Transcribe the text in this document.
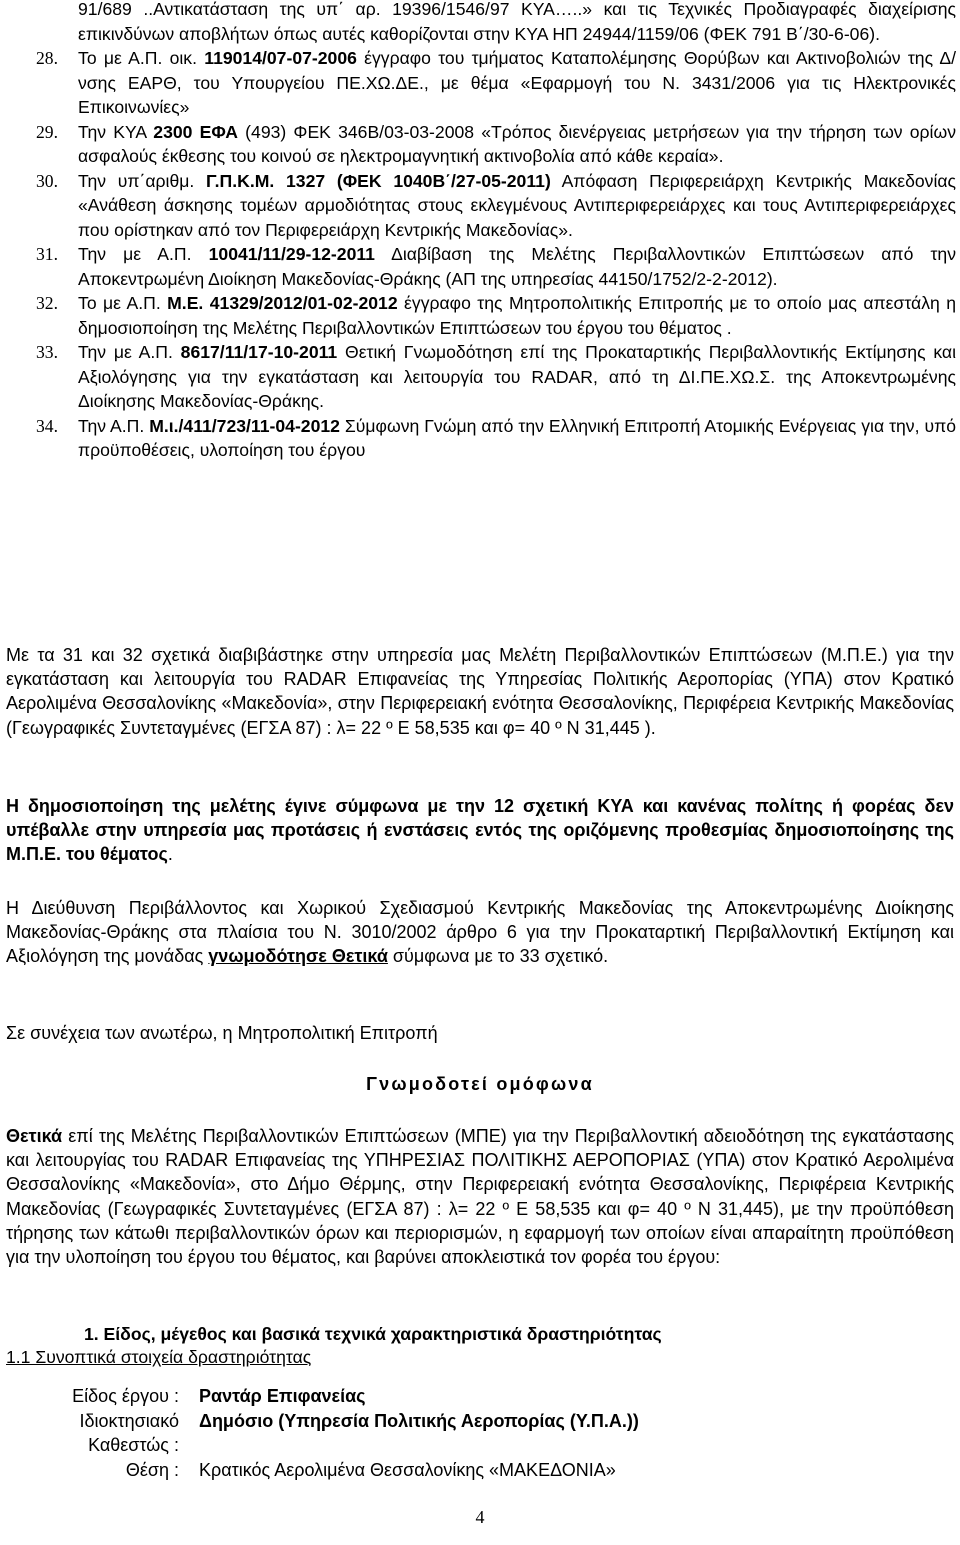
91/689 ..Αντικατάσταση της υπ΄ αρ. 19396/1546/97 ΚΥΑ…..» και τις Τεχνικές Προδιαγραφές διαχείρισης επικινδύνων αποβλήτων όπως αυτές καθορίζονται στην ΚΥΑ ΗΠ 24944/1159/06 (ΦΕΚ 791 Β΄/30-6-06).
28.	Το με Α.Π. οικ. 119014/07-07-2006 έγγραφο του τμήματος Καταπολέμησης Θορύβων και Ακτινοβολιών της Δ/νσης ΕΑΡΘ, του Υπουργείου ΠΕ.ΧΩ.ΔΕ., με θέμα «Εφαρμογή του Ν. 3431/2006 για τις Ηλεκτρονικές Επικοινωνίες»
29.	Την ΚΥΑ 2300 ΕΦΑ (493) ΦΕΚ 346Β/03-03-2008 «Τρόπος διενέργειας μετρήσεων για την τήρηση των ορίων ασφαλούς έκθεσης του κοινού σε ηλεκτρομαγνητική ακτινοβολία από κάθε κεραία».
30.	Την υπ΄αριθμ. Γ.Π.Κ.Μ. 1327 (ΦΕΚ 1040Β΄/27-05-2011) Απόφαση Περιφερειάρχη Κεντρικής Μακεδονίας «Ανάθεση άσκησης τομέων αρμοδιότητας στους εκλεγμένους Αντιπεριφερειάρχες και τους Αντιπεριφερειάρχες που ορίστηκαν από τον Περιφερειάρχη Κεντρικής Μακεδονίας».
31.	Την με Α.Π. 10041/11/29-12-2011 Διαβίβαση της Μελέτης Περιβαλλοντικών Επιπτώσεων από την Αποκεντρωμένη Διοίκηση Μακεδονίας-Θράκης (ΑΠ της υπηρεσίας 44150/1752/2-2-2012).
32.	Το με Α.Π. Μ.Ε. 41329/2012/01-02-2012 έγγραφο της Μητροπολιτικής Επιτροπής με το οποίο μας απεστάλη η δημοσιοποίηση της Μελέτης Περιβαλλοντικών Επιπτώσεων του έργου του θέματος .
33.	Την με Α.Π. 8617/11/17-10-2011 Θετική Γνωμοδότηση επί της Προκαταρτικής Περιβαλλοντικής Εκτίμησης και Αξιολόγησης για την εγκατάσταση και λειτουργία του RADAR, από τη ΔΙ.ΠΕ.ΧΩ.Σ. της Αποκεντρωμένης Διοίκησης Μακεδονίας-Θράκης.
34.	Την Α.Π. Μ.ι./411/723/11-04-2012 Σύμφωνη Γνώμη από την Ελληνική Επιτροπή Ατομικής Ενέργειας για την, υπό προϋποθέσεις, υλοποίηση του έργου
Με τα 31 και 32 σχετικά διαβιβάστηκε στην υπηρεσία μας Μελέτη Περιβαλλοντικών Επιπτώσεων (Μ.Π.Ε.) για την εγκατάσταση και λειτουργία του RADAR Επιφανείας της Υπηρεσίας Πολιτικής Αεροπορίας (ΥΠΑ) στον Κρατικό Αερολιμένα Θεσσαλονίκης «Μακεδονία», στην Περιφερειακή ενότητα Θεσσαλονίκης, Περιφέρεια Κεντρικής Μακεδονίας (Γεωγραφικές Συντεταγμένες (ΕΓΣΑ 87) : λ= 22 º Ε 58,535 και φ= 40 º Ν 31,445 ).
Η δημοσιοποίηση της μελέτης έγινε σύμφωνα με την 12 σχετική ΚΥΑ και κανένας πολίτης ή φορέας δεν υπέβαλλε στην υπηρεσία μας προτάσεις ή ενστάσεις εντός της οριζόμενης προθεσμίας δημοσιοποίησης της Μ.Π.Ε. του θέματος.
Η Διεύθυνση Περιβάλλοντος και Χωρικού Σχεδιασμού Κεντρικής Μακεδονίας της Αποκεντρωμένης Διοίκησης Μακεδονίας-Θράκης στα πλαίσια του Ν. 3010/2002 άρθρο 6 για την Προκαταρτική Περιβαλλοντική Εκτίμηση και Αξιολόγηση της μονάδας γνωμοδότησε Θετικά σύμφωνα με το 33 σχετικό.
Σε συνέχεια των ανωτέρω, η Μητροπολιτική Επιτροπή
Γνωμοδοτεί ομόφωνα
Θετικά επί της Μελέτης Περιβαλλοντικών Επιπτώσεων (ΜΠΕ) για την Περιβαλλοντική αδειοδότηση της εγκατάστασης και λειτουργίας του RADAR Επιφανείας της ΥΠΗΡΕΣΙΑΣ ΠΟΛΙΤΙΚΗΣ ΑΕΡΟΠΟΡΙΑΣ (ΥΠΑ) στον Κρατικό Αερολιμένα Θεσσαλονίκης «Μακεδονία», στο Δήμο Θέρμης, στην Περιφερειακή ενότητα Θεσσαλονίκης, Περιφέρεια Κεντρικής Μακεδονίας (Γεωγραφικές Συντεταγμένες (ΕΓΣΑ 87) : λ= 22 º Ε 58,535 και φ= 40 º Ν 31,445), με την προϋπόθεση τήρησης των κάτωθι περιβαλλοντικών όρων και περιορισμών, η εφαρμογή των οποίων είναι απαραίτητη προϋπόθεση για την υλοποίηση του έργου του θέματος, και βαρύνει αποκλειστικά τον φορέα του έργου:
1. Είδος, μέγεθος και βασικά τεχνικά χαρακτηριστικά δραστηριότητας
1.1 Συνοπτικά στοιχεία δραστηριότητας
Είδος έργου :	Ραντάρ Επιφανείας
Ιδιοκτησιακό	Δημόσιο (Υπηρεσία Πολιτικής Αεροπορίας (Υ.Π.Α.))
Καθεστώς :
Θέση :	Κρατικός Αερολιμένα Θεσσαλονίκης «ΜΑΚΕΔΟΝΙΑ»
4
